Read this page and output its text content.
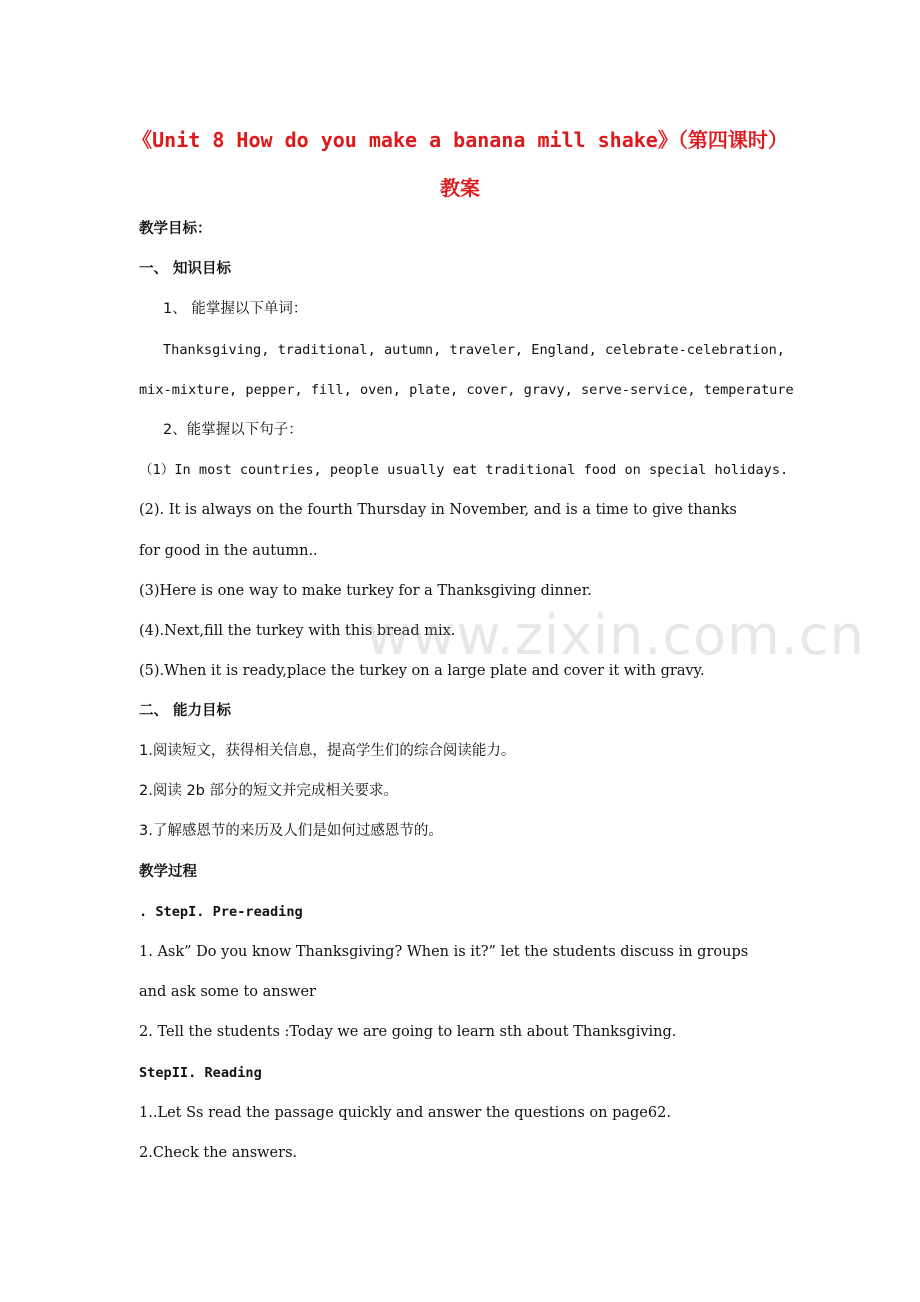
《Unit 8 How do you make a banana mill shake》（第四课时）教案
教学目标：
一、 知识目标
1、 能掌握以下单词：
Thanksgiving, traditional, autumn, traveler, England, celebrate-celebration,
mix-mixture, pepper, fill, oven, plate, cover, gravy, serve-service, temperature
2、能掌握以下句子：
（1）In most countries, people usually eat traditional food on special holidays.
(2). It is always on the fourth Thursday in November, and is a time to give thanks
for good in the autumn..
(3)Here is one way to make turkey for a Thanksgiving dinner.
(4).Next,fill the turkey with this bread mix.
(5).When it is ready,place the turkey on a large plate and cover it with gravy.
二、 能力目标
1.阅读短文，获得相关信息，提高学生们的综合阅读能力。
2.阅读 2b 部分的短文并完成相关要求。
3.了解感恩节的来历及人们是如何过感恩节的。
教学过程
. StepI. Pre-reading
1. Ask” Do you know Thanksgiving? When is it?” let the students discuss in groups
and ask some to answer
2. Tell the students :Today we are going to learn sth about Thanksgiving.
StepII. Reading
1..Let Ss read the passage quickly and answer the questions on page62.
2.Check the answers.
www.zixin.com.cn
